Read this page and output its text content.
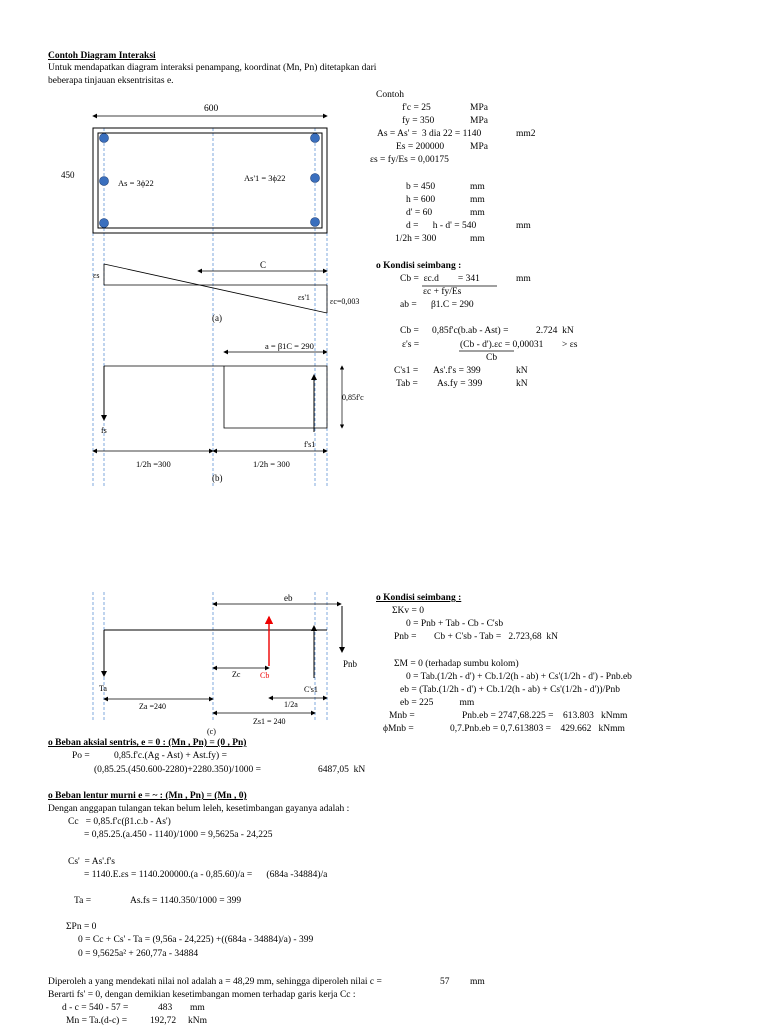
Contoh Diagram Interaksi
Untuk mendapatkan diagram interaksi penampang, koordinat (Mn, Pn) ditetapkan dari
beberapa tinjauan eksentrisitas e.
Contoh
f'c = 25	MPa
fy = 350	MPa
As = As' =  3 dia 22 = 1140	mm2
Es = 200000	MPa
εs = fy/Es = 0,00175
b = 450	mm
h = 600	mm
d' = 60	mm
d =      h - d' = 540	mm
1/2h = 300	mm
o Kondisi seimbang :
Cb =  εc.d        = 341	mm
εc + fy/Es
ab =      β1.C = 290
Cb = 0,85f'c(b.ab - Ast) =	2.724  kN
ε's =	(Cb - d').εc = 0,00031 > εs
Cb
C's1 = As'.f's = 399	kN
Tab = As.fy = 399	kN
o Kondisi seimbang :
ΣKv = 0
0 = Pnb + Tab - Cb - C'sb
Pnb = Cb + C'sb - Tab =   2.723,68  kN
ΣM = 0 (terhadap sumbu kolom)
0 = Tab.(1/2h - d') + Cb.1/2(h - ab) + Cs'(1/2h - d') - Pnb.eb
eb = (Tab.(1/2h - d') + Cb.1/2(h - ab) + Cs'(1/2h - d'))/Pnb
eb = 225           mm
Mnb =	Pnb.eb = 2747,68.225 =    613.803   kNmm
ϕMnb =	0,7.Pnb.eb = 0,7.613803 =    429.662   kNmm
o Beban aksial sentris, e = 0 : (Mn , Pn) = (0 , Pn)
Po =	0,85.f'c.(Ag - Ast) + Ast.fy) =
(0,85.25.(450.600-2280)+2280.350)/1000 =	6487,05  kN
o Beban lentur murni e = ~ : (Mn , Pn) = (Mn , 0)
Dengan anggapan tulangan tekan belum leleh, kesetimbangan gayanya adalah :
Cc   = 0,85.f'c(β1.c.b - As')
= 0,85.25.(a.450 - 1140)/1000 = 9,5625a - 24,225
Cs'  = As'.f's
= 1140.E.εs = 1140.200000.(a - 0,85.60)/a =      (684a -34884)/a
Ta =	As.fs = 1140.350/1000 = 399
ΣPn = 0
0 = Cc + Cs' - Ta = (9,56a - 24,225) +((684a - 34884)/a) - 399
0 = 9,5625a² + 260,77a - 34884
Diperoleh a yang mendekati nilai nol adalah a = 48,29 mm, sehingga diperoleh nilai c =	57 mm
Berarti fs' = 0, dengan demikian kesetimbangan momen terhadap garis kerja Cc :
d - c = 540 - 57 =	483 mm
Mn = Ta.(d-c) = 192,72 kNm
600
450
As = 3ϕ22	As'1 = 3ϕ22
C
εs
εs'1	εc=0,003
(a)
a = β1C = 290
fs
f's1
0,85f'c
1/2h =300	1/2h = 300
(b)
eb
Pnb
Ta
Cb
C's1
Zc
1/2a
Za =240
Zs1 = 240
(c)
